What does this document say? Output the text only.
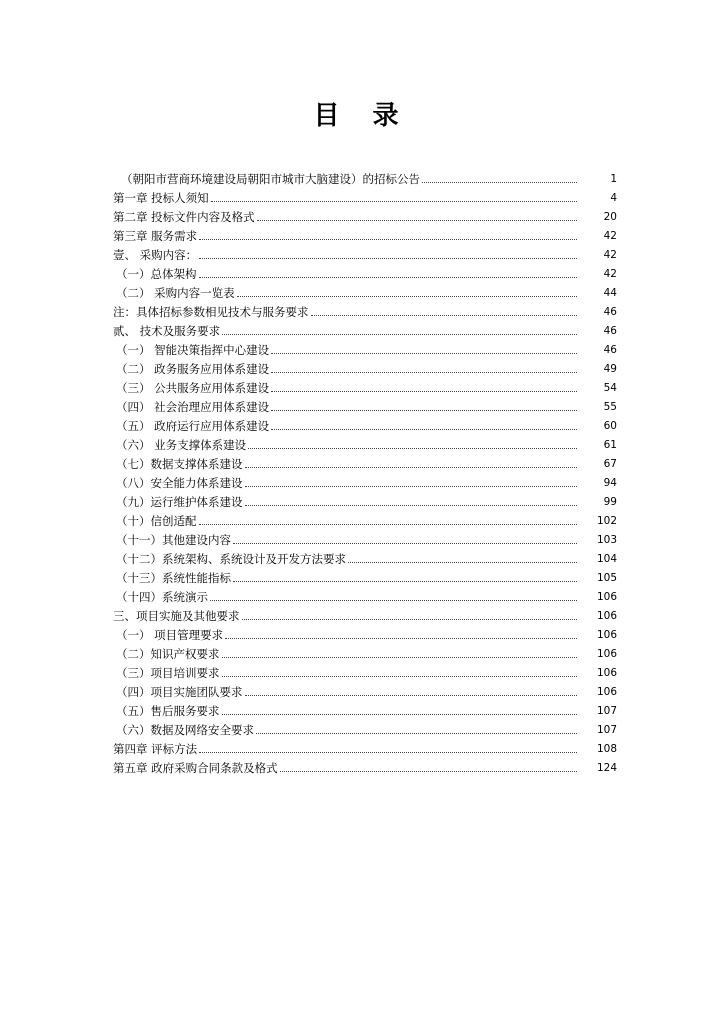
目 录
（朝阳市营商环境建设局朝阳市城市大脑建设）的招标公告	1
第一章 投标人须知	4
第二章 投标文件内容及格式	20
第三章 服务需求	42
壹、 采购内容：	42
（一）总体架构	42
（二） 采购内容一览表	44
注：具体招标参数相见技术与服务要求	46
贰、 技术及服务要求	46
（一） 智能决策指挥中心建设	46
（二） 政务服务应用体系建设	49
（三） 公共服务应用体系建设	54
（四） 社会治理应用体系建设	55
（五） 政府运行应用体系建设	60
（六） 业务支撑体系建设	61
（七）数据支撑体系建设	67
（八）安全能力体系建设	94
（九）运行维护体系建设	99
（十）信创适配	102
（十一）其他建设内容	103
（十二）系统架构、系统设计及开发方法要求	104
（十三）系统性能指标	105
（十四）系统演示	106
三、项目实施及其他要求	106
（一） 项目管理要求	106
（二）知识产权要求	106
（三）项目培训要求	106
（四）项目实施团队要求	106
（五）售后服务要求	107
（六）数据及网络安全要求	107
第四章 评标方法	108
第五章 政府采购合同条款及格式	124
